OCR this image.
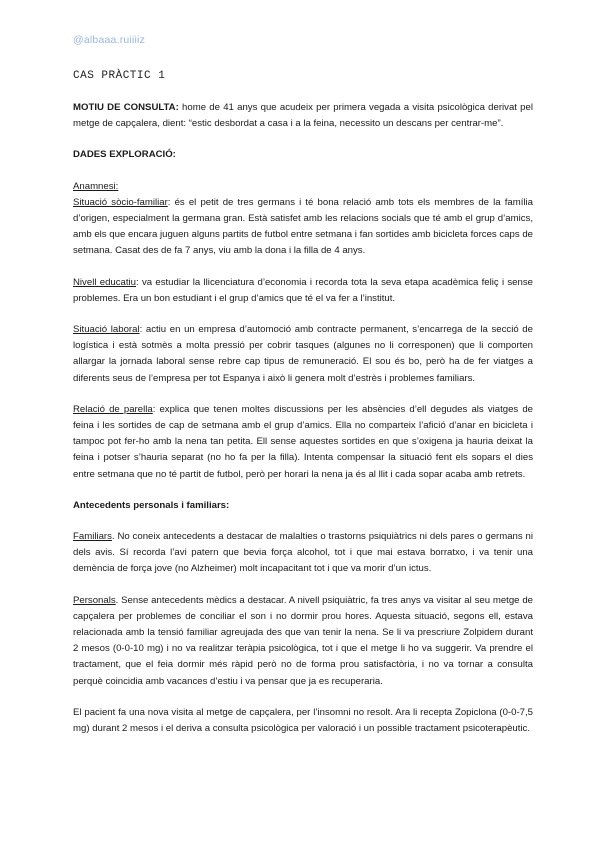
@albaaa.ruiiiiz
CAS PRÀCTIC 1

MOTIU DE CONSULTA: home de 41 anys que acudeix per primera vegada a visita psicològica derivat pel metge de capçalera, dient: “estic desbordat a casa i a la feina, necessito un descans per centrar-me”.

DADES EXPLORACIÓ:

Anamnesi:

Situació sòcio-familiar: és el petit de tres germans i té bona relació amb tots els membres de la família d’origen, especialment la germana gran. Està satisfet amb les relacions socials que té amb el grup d’amics, amb els que encara juguen alguns partits de futbol entre setmana i fan sortides amb bicicleta forces caps de setmana. Casat des de fa 7 anys, viu amb la dona i la filla de 4 anys.

Nivell educatiu: va estudiar la llicenciatura d’economia i recorda tota la seva etapa acadèmica feliç i sense problemes. Era un bon estudiant i el grup d’amics que té el va fer a l’institut.

Situació laboral: actiu en un empresa d’automoció amb contracte permanent, s’encarrega de la secció de logística i està sotmès a molta pressió per cobrir tasques (algunes no li corresponen) que li comporten allargar la jornada laboral sense rebre cap tipus de remuneració. El sou és bo, però ha de fer viatges a diferents seus de l’empresa per tot Espanya i això li genera molt d’estrès i problemes familiars.

Relació de parella: explica que tenen moltes discussions per les absències d’ell degudes als viatges de feina i les sortides de cap de setmana amb el grup d’amics. Ella no comparteix l’afició d’anar en bicicleta i tampoc pot fer-ho amb la nena tan petita. Ell sense aquestes sortides en que s’oxigena ja hauria deixat la feina i potser s’hauria separat (no ho fa per la filla). Intenta compensar la situació fent els sopars el dies entre setmana que no té partit de futbol, però per horari la nena ja és al llit i cada sopar acaba amb retrets.

Antecedents personals i familiars:

Familiars. No coneix antecedents a destacar de malalties o trastorns psiquiàtrics ni dels pares o germans ni dels avis. Sí recorda l’avi patern que bevia força alcohol, tot i que mai estava borratxo, i va tenir una demència de força jove (no Alzheimer) molt incapacitant tot i que va morir d’un ictus.

Personals. Sense antecedents mèdics a destacar. A nivell psiquiàtric, fa tres anys va visitar al seu metge de capçalera per problemes de conciliar el son i no dormir prou hores. Aquesta situació, segons ell, estava relacionada amb la tensió familiar agreujada des que van tenir la nena. Se li va prescriure Zolpidem durant 2 mesos (0-0-10 mg) i no va realitzar teràpia psicològica, tot i que el metge li ho va suggerir. Va prendre el tractament, que el feia dormir més ràpid però no de forma prou satisfactòria, i no va tornar a consulta perquè coincidia amb vacances d’estiu i va pensar que ja es recuperaria.

El pacient fa una nova visita al metge de capçalera, per l’insomni no resolt. Ara li recepta Zopiclona (0-0-7,5 mg) durant 2 mesos i el deriva a consulta psicològica per valoració i un possible tractament psicoterapèutic.
